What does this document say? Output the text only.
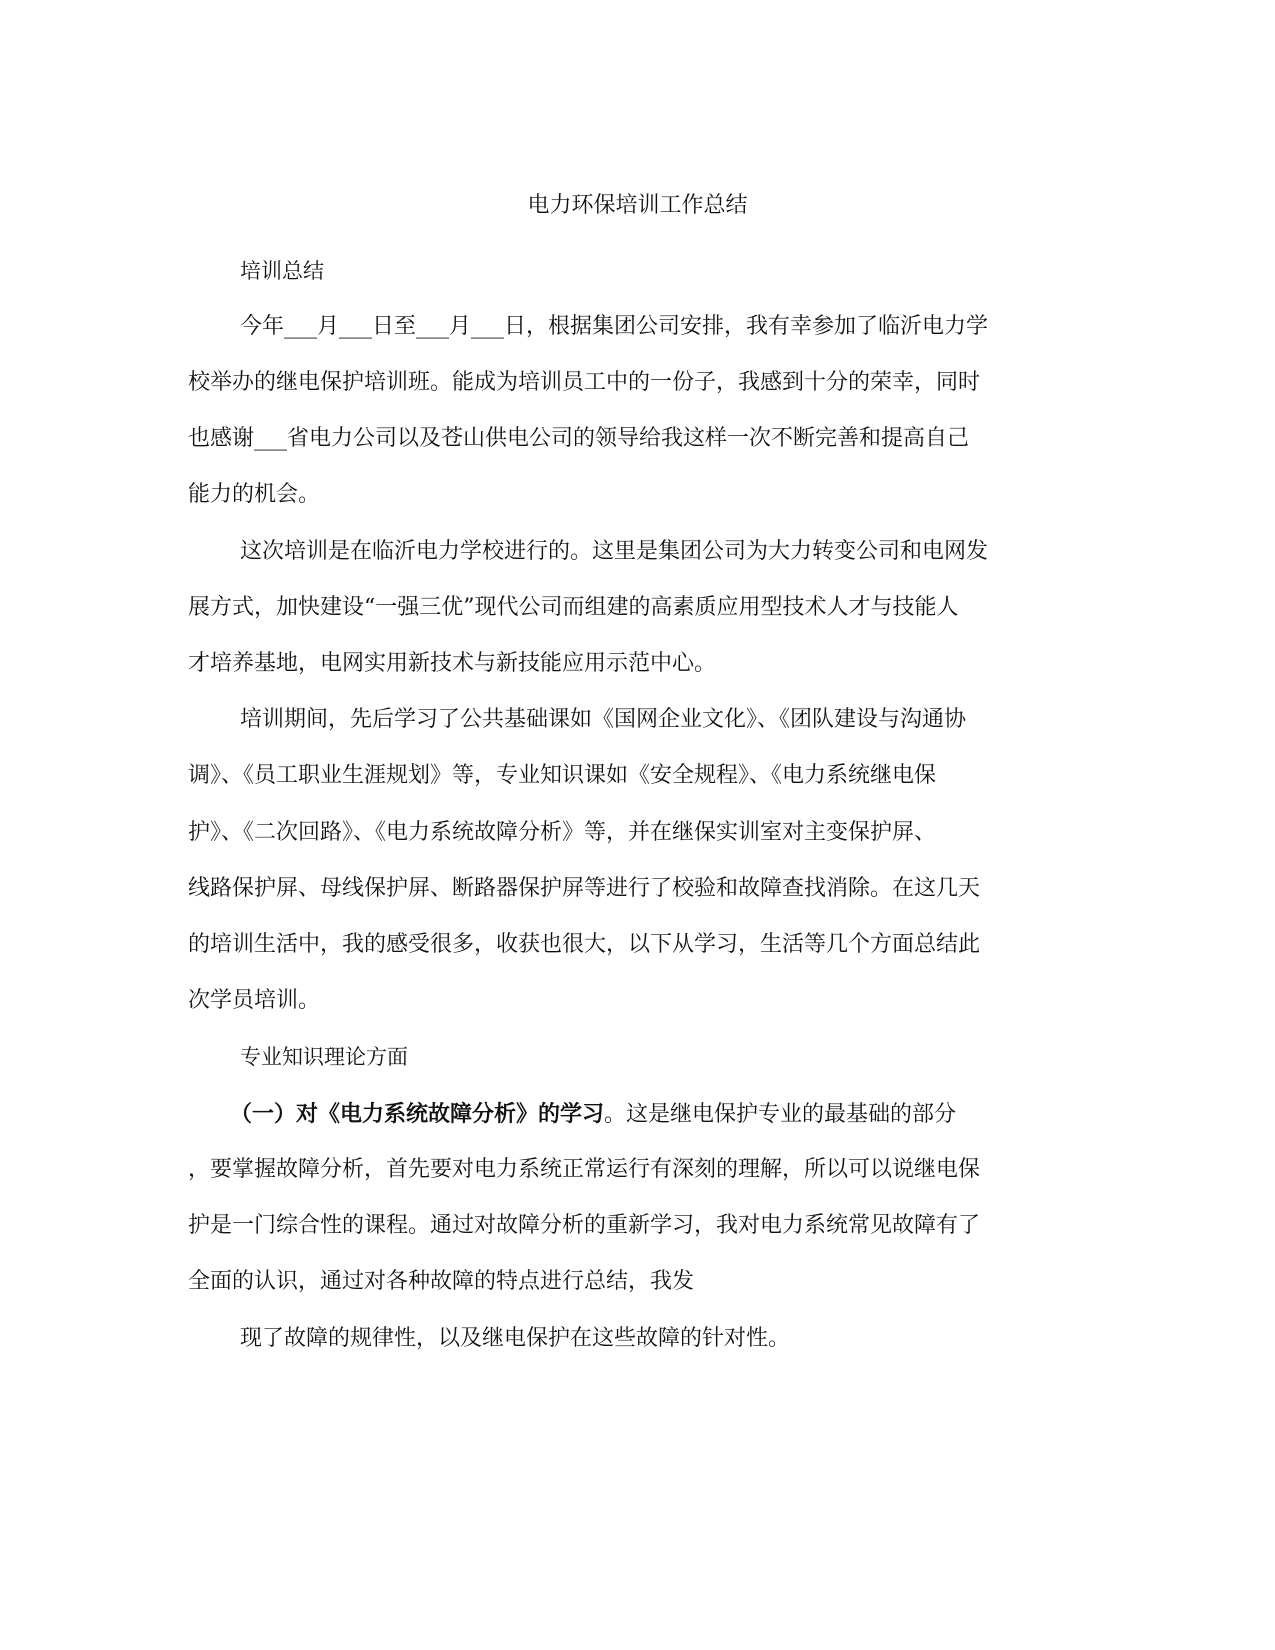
电力环保培训工作总结

培训总结

今年___月___日至___月___日，根据集团公司安排，我有幸参加了临沂电力学

校举办的继电保护培训班。能成为培训员工中的一份子，我感到十分的荣幸，同时

也感谢___省电力公司以及苍山供电公司的领导给我这样一次不断完善和提高自己

能力的机会。

这次培训是在临沂电力学校进行的。这里是集团公司为大力转变公司和电网发

展方式，加快建设“一强三优”现代公司而组建的高素质应用型技术人才与技能人

才培养基地，电网实用新技术与新技能应用示范中心。

培训期间，先后学习了公共基础课如《国网企业文化》、《团队建设与沟通协

调》、《员工职业生涯规划》等，专业知识课如《安全规程》、《电力系统继电保

护》、《二次回路》、《电力系统故障分析》等，并在继保实训室对主变保护屏、

线路保护屏、母线保护屏、断路器保护屏等进行了校验和故障查找消除。在这几天

的培训生活中，我的感受很多，收获也很大，以下从学习，生活等几个方面总结此

次学员培训。

专业知识理论方面

（一）对《电力系统故障分析》的学习。这是继电保护专业的最基础的部分

，要掌握故障分析，首先要对电力系统正常运行有深刻的理解，所以可以说继电保

护是一门综合性的课程。通过对故障分析的重新学习，我对电力系统常见故障有了

全面的认识，通过对各种故障的特点进行总结，我发

现了故障的规律性，以及继电保护在这些故障的针对性。
